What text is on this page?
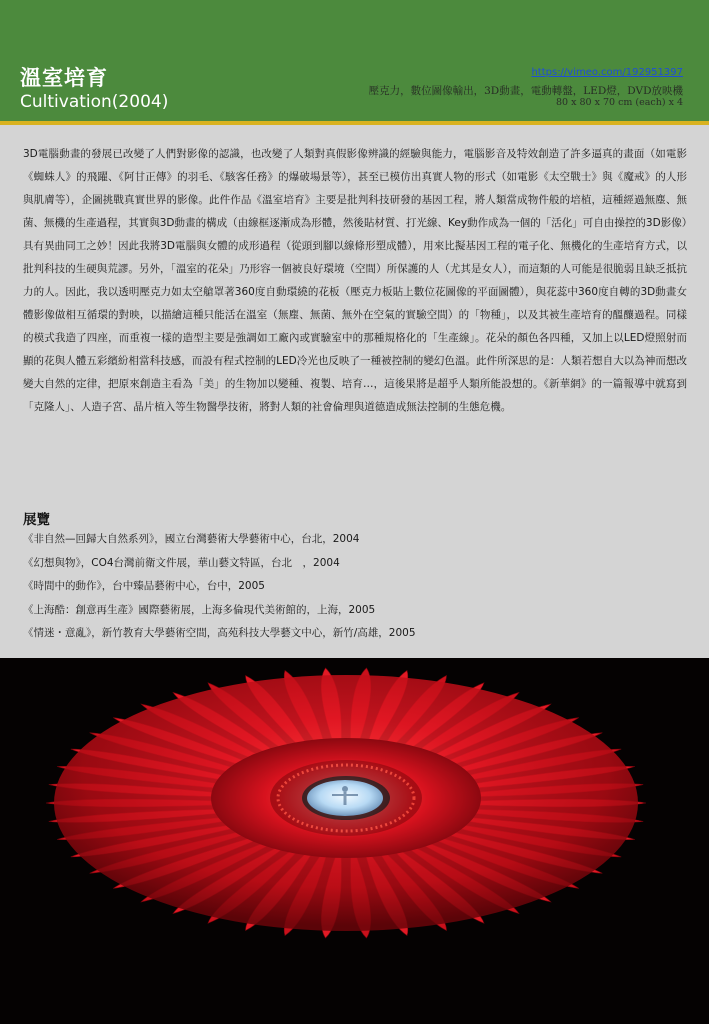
溫室培育
Cultivation(2004)
https://vimeo.com/192951397
壓克力，數位圖像輸出，3D動畫，電動轉盤，LED燈，DVD放映機
80 x 80 x 70 cm (each) x 4
3D電腦動畫的發展已改變了人們對影像的認識，也改變了人類對真假影像辨識的經驗與能力，電腦影音及特效創造了許多逼真的畫面（如電影《蜘蛛人》的飛躍、《阿甘正傳》的羽毛、《駭客任務》的爆破場景等），甚至已模仿出真實人物的形式（如電影《太空戰士》與《魔戒》的人形與肌膚等），企圖挑戰真實世界的影像。此件作品《溫室培育》主要是批判科技研發的基因工程，將人類當成物件般的培植，這種經過無塵、無菌、無機的生產過程，其實與3D動畫的構成（由線框逐漸成為形體，然後貼材質、打光線、Key動作成為一個的「活化」可自由操控的3D影像）具有異曲同工之妙！因此我將3D電腦與女體的成形過程（從頭到腳以線條形塑成體），用來比擬基因工程的電子化、無機化的生產培育方式，以批判科技的生硬與荒謬。另外，「溫室的花朵」乃形容一個被良好環境（空間）所保護的人（尤其是女人），而這類的人可能是很脆弱且缺乏抵抗力的人。因此，我以透明壓克力如太空艙罩著360度自動環繞的花板（壓克力板貼上數位花圖像的平面圖體），與花蕊中360度自轉的3D動畫女體影像做相互循環的對映，以描繪這種只能活在溫室（無塵、無菌、無外在空氣的實驗空間）的「物種」，以及其被生產培育的醞釀過程。同樣的模式我造了四座，而重複一樣的造型主要是強調如工廠內或實驗室中的那種規格化的「生產線」。花朵的顏色各四種，又加上以LED燈照射而顯的花與人體五彩繽紛相當科技感，而設有程式控制的LED冷光也反映了一種被控制的變幻色溫。此件所深思的是：人類若想自大以為神而想改變大自然的定律，把原來創造主看為「美」的生物加以變種、複製、培育…，這後果將是超乎人類所能設想的。《新華網》的一篇報導中就寫到「克隆人」、人造子宮、晶片植入等生物醫學技術，將對人類的社會倫理與道德造成無法控制的生態危機。
展覽
《非自然—回歸大自然系列》，國立台灣藝術大學藝術中心，台北，2004
《幻想與物》，CO4台灣前衛文件展，華山藝文特區，台北　，2004
《時間中的動作》，台中臻品藝術中心，台中，2005
《上海酷：創意再生產》國際藝術展，上海多倫現代美術館的，上海，2005
《情迷・意亂》，新竹教育大學藝術空間，高苑科技大學藝文中心，新竹/高雄，2005
